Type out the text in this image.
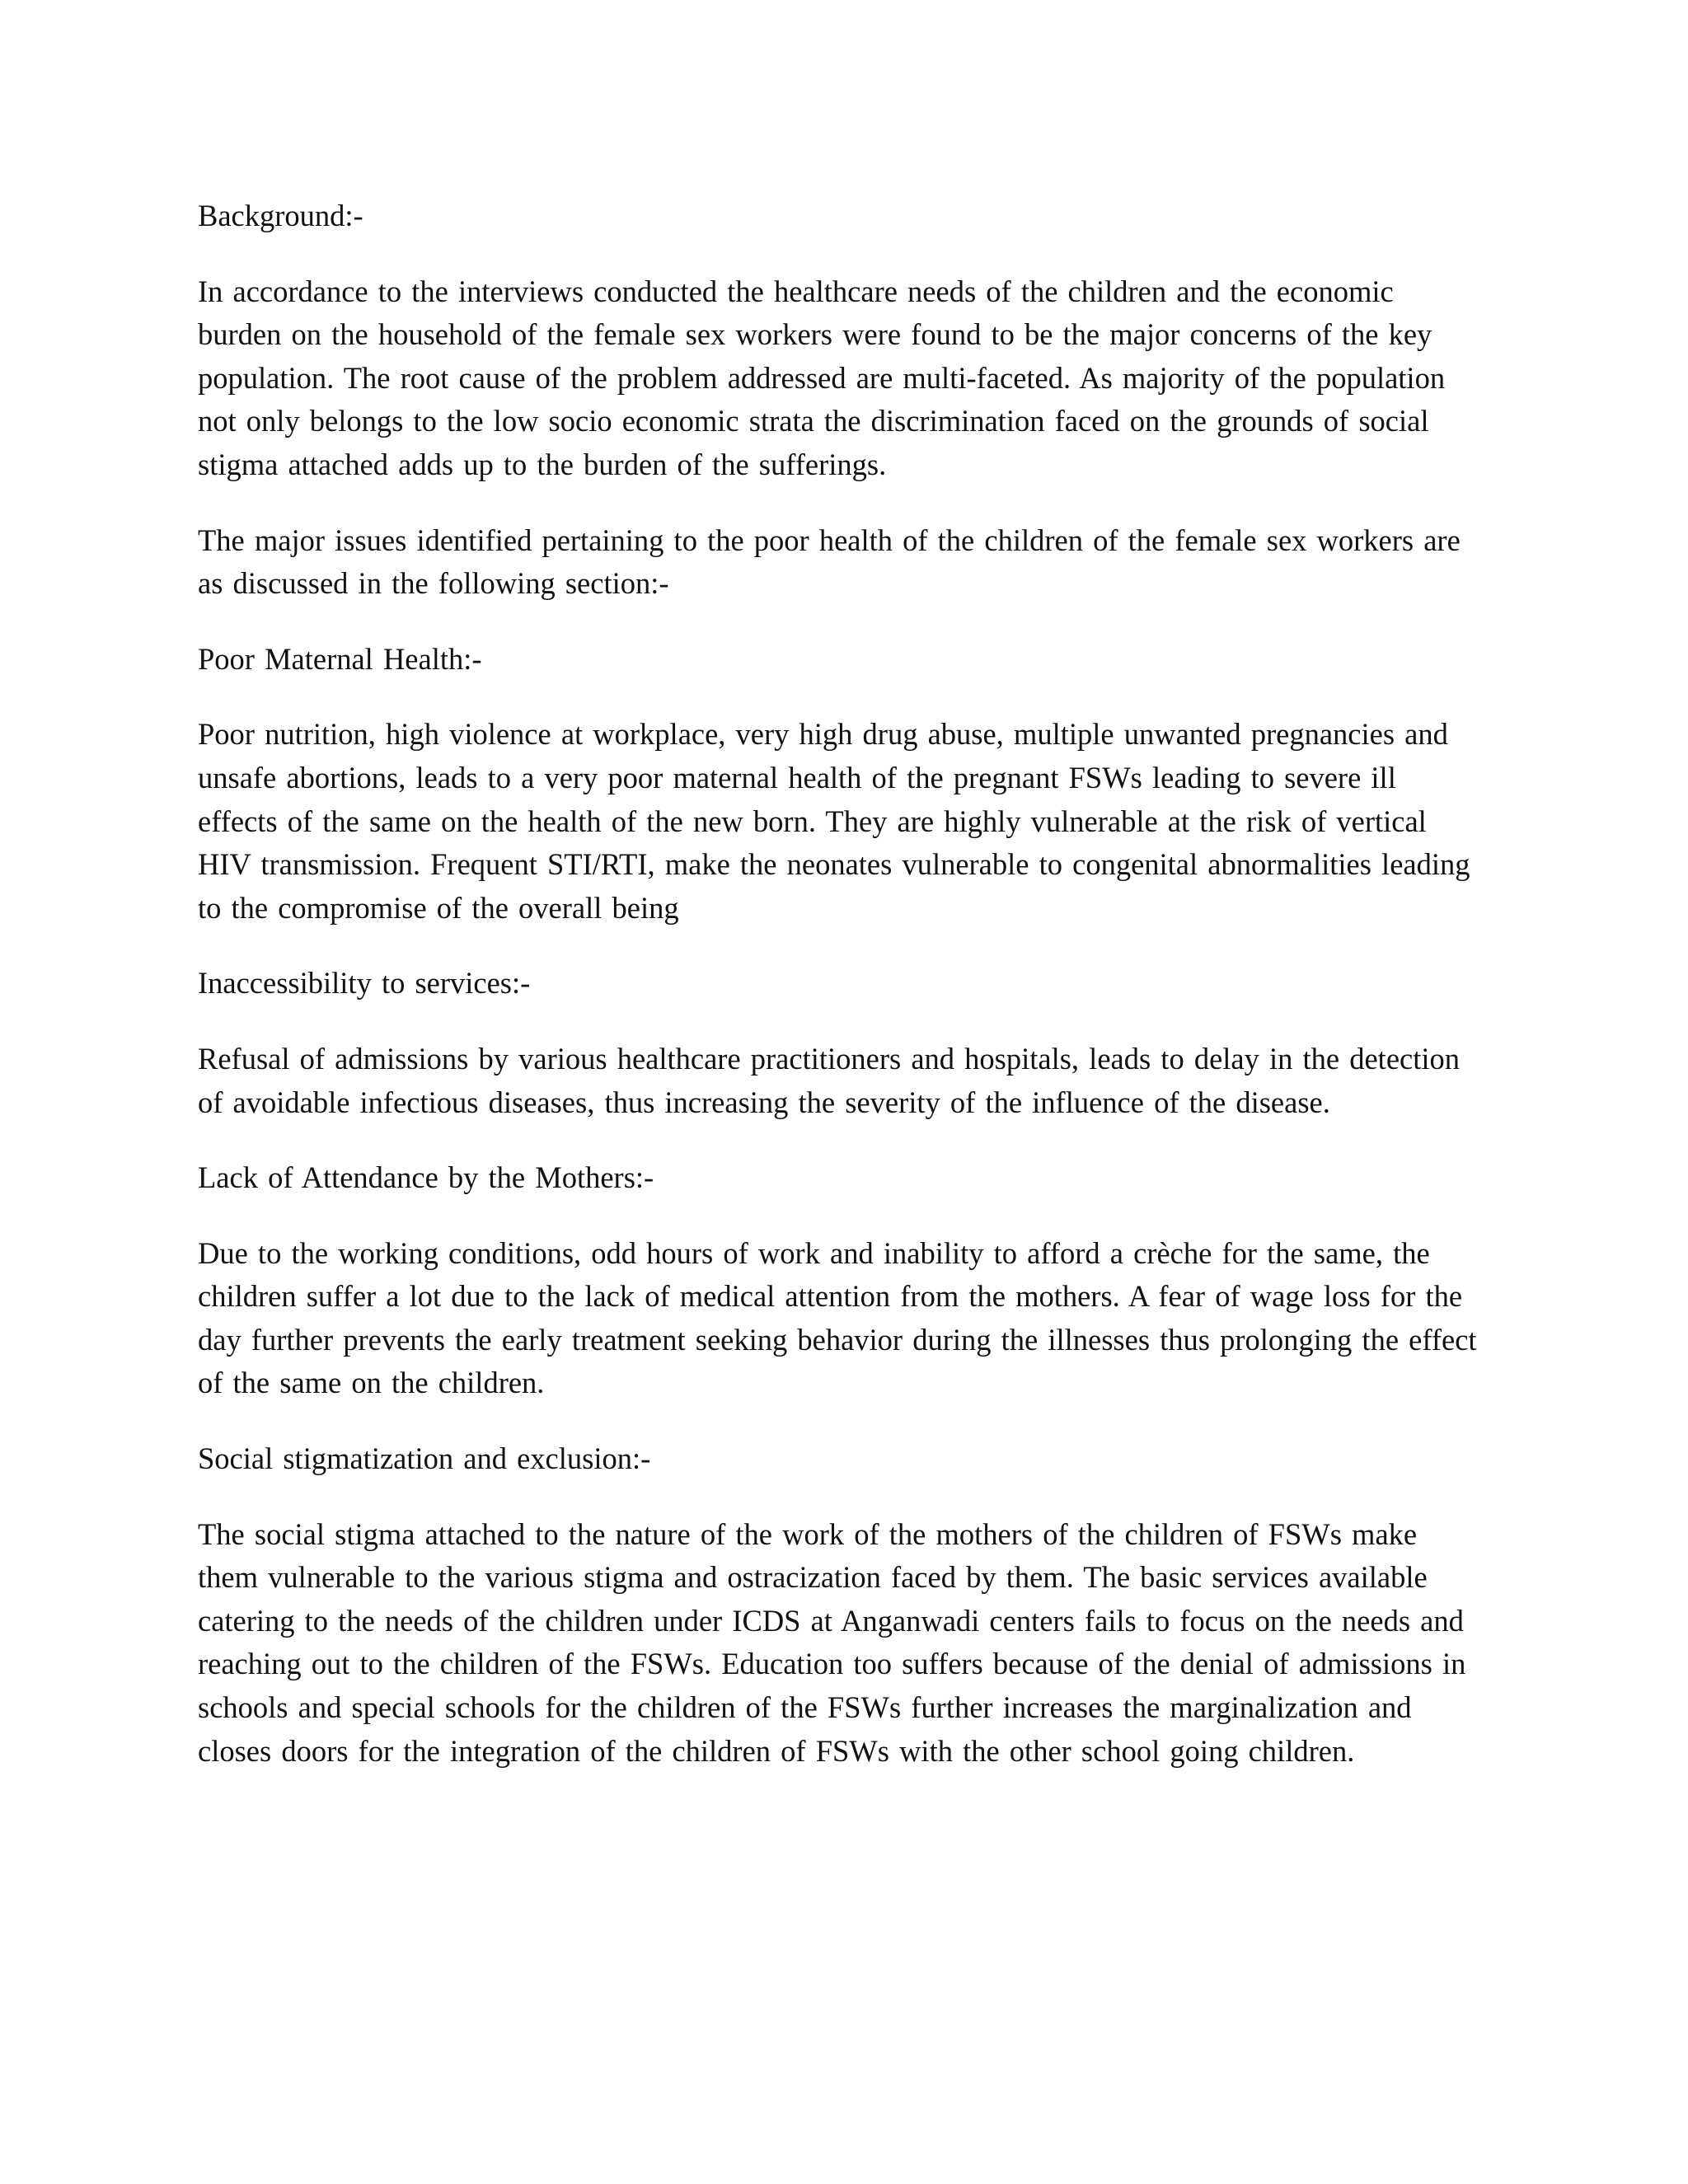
Background:-

In accordance to the interviews conducted the healthcare needs of the children and the economic burden on the household of the female sex workers were found to be the major concerns of the key population. The root cause of the problem addressed are multi-faceted. As majority of the population not only belongs to the low socio economic strata the discrimination faced on the grounds of social stigma attached adds up to the burden of the sufferings.

The major issues identified pertaining to the poor health of the children of the female sex workers are as discussed in the following section:-

Poor Maternal Health:-

Poor nutrition, high violence at workplace, very high drug abuse, multiple unwanted pregnancies and unsafe abortions, leads to a very poor maternal health of the pregnant FSWs leading to severe ill effects of the same on the health of the new born. They are highly vulnerable at the risk of vertical HIV transmission. Frequent STI/RTI, make the neonates vulnerable to congenital abnormalities leading to the compromise of the overall being

Inaccessibility to services:-

Refusal of admissions by various healthcare practitioners and hospitals, leads to delay in the detection of avoidable infectious diseases, thus increasing the severity of the influence of the disease.

Lack of Attendance by the Mothers:-

Due to the working conditions, odd hours of work and inability to afford a crèche for the same, the children suffer a lot due to the lack of medical attention from the mothers. A fear of wage loss for the day further prevents the early treatment seeking behavior during the illnesses thus prolonging the effect of the same on the children.

Social stigmatization and exclusion:-

The social stigma attached to the nature of the work of the mothers of the children of FSWs make them vulnerable to the various stigma and ostracization faced by them. The basic services available catering to the needs of the children under ICDS at Anganwadi centers fails to focus on the needs and reaching out to the children of the FSWs. Education too suffers because of the denial of admissions in schools and special schools for the children of the FSWs further increases the marginalization and closes doors for the integration of the children of FSWs with the other school going children.
